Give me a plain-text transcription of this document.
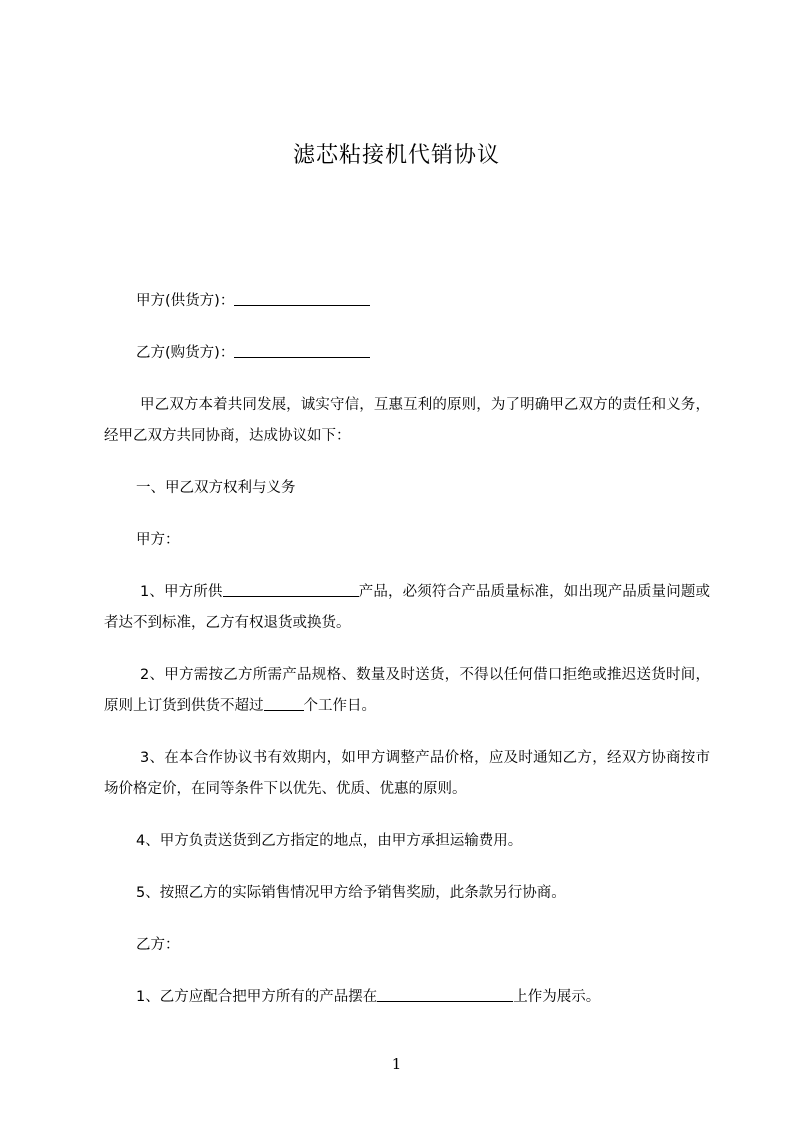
滤芯粘接机代销协议

甲方(供货方)：

乙方(购货方)：

甲乙双方本着共同发展，诚实守信，互惠互利的原则，为了明确甲乙双方的责任和义务，经甲乙双方共同协商，达成协议如下：

一、甲乙双方权利与义务

甲方：

1、甲方所供	产品，必须符合产品质量标准，如出现产品质量问题或者达不到标准，乙方有权退货或换货。

2、甲方需按乙方所需产品规格、数量及时送货，不得以任何借口拒绝或推迟送货时间，原则上订货到供货不超过	个工作日。

3、在本合作协议书有效期内，如甲方调整产品价格，应及时通知乙方，经双方协商按市场价格定价，在同等条件下以优先、优质、优惠的原则。

4、甲方负责送货到乙方指定的地点，由甲方承担运输费用。

5、按照乙方的实际销售情况甲方给予销售奖励，此条款另行协商。

乙方：

1、乙方应配合把甲方所有的产品摆在	上作为展示。

1
